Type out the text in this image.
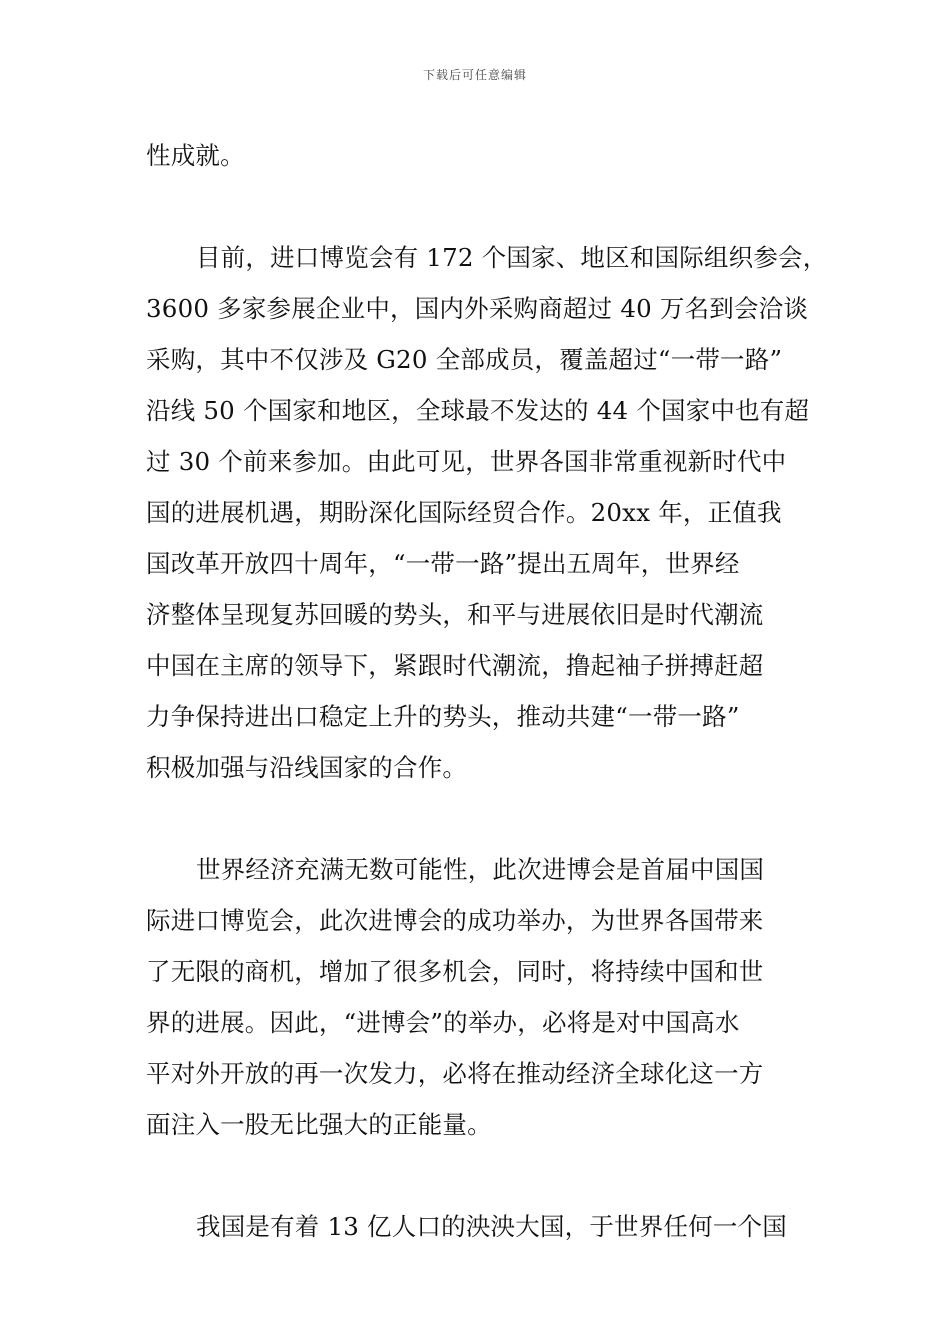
下载后可任意编辑
性成就。
目前，进口博览会有 172 个国家、地区和国际组织参会，
3600 多家参展企业中，国内外采购商超过 40 万名到会洽谈
采购，其中不仅涉及 G20 全部成员，覆盖超过“一带一路”
沿线 50 个国家和地区，全球最不发达的 44 个国家中也有超
过 30 个前来参加。由此可见，世界各国非常重视新时代中
国的进展机遇，期盼深化国际经贸合作。20xx 年，正值我
国改革开放四十周年，“一带一路”提出五周年，世界经
济整体呈现复苏回暖的势头，和平与进展依旧是时代潮流
中国在主席的领导下，紧跟时代潮流，撸起袖子拼搏赶超
力争保持进出口稳定上升的势头，推动共建“一带一路”
积极加强与沿线国家的合作。
世界经济充满无数可能性，此次进博会是首届中国国
际进口博览会，此次进博会的成功举办，为世界各国带来
了无限的商机，增加了很多机会，同时，将持续中国和世
界的进展。因此，“进博会”的举办，必将是对中国高水
平对外开放的再一次发力，必将在推动经济全球化这一方
面注入一股无比强大的正能量。
我国是有着 13 亿人口的泱泱大国，于世界任何一个国
